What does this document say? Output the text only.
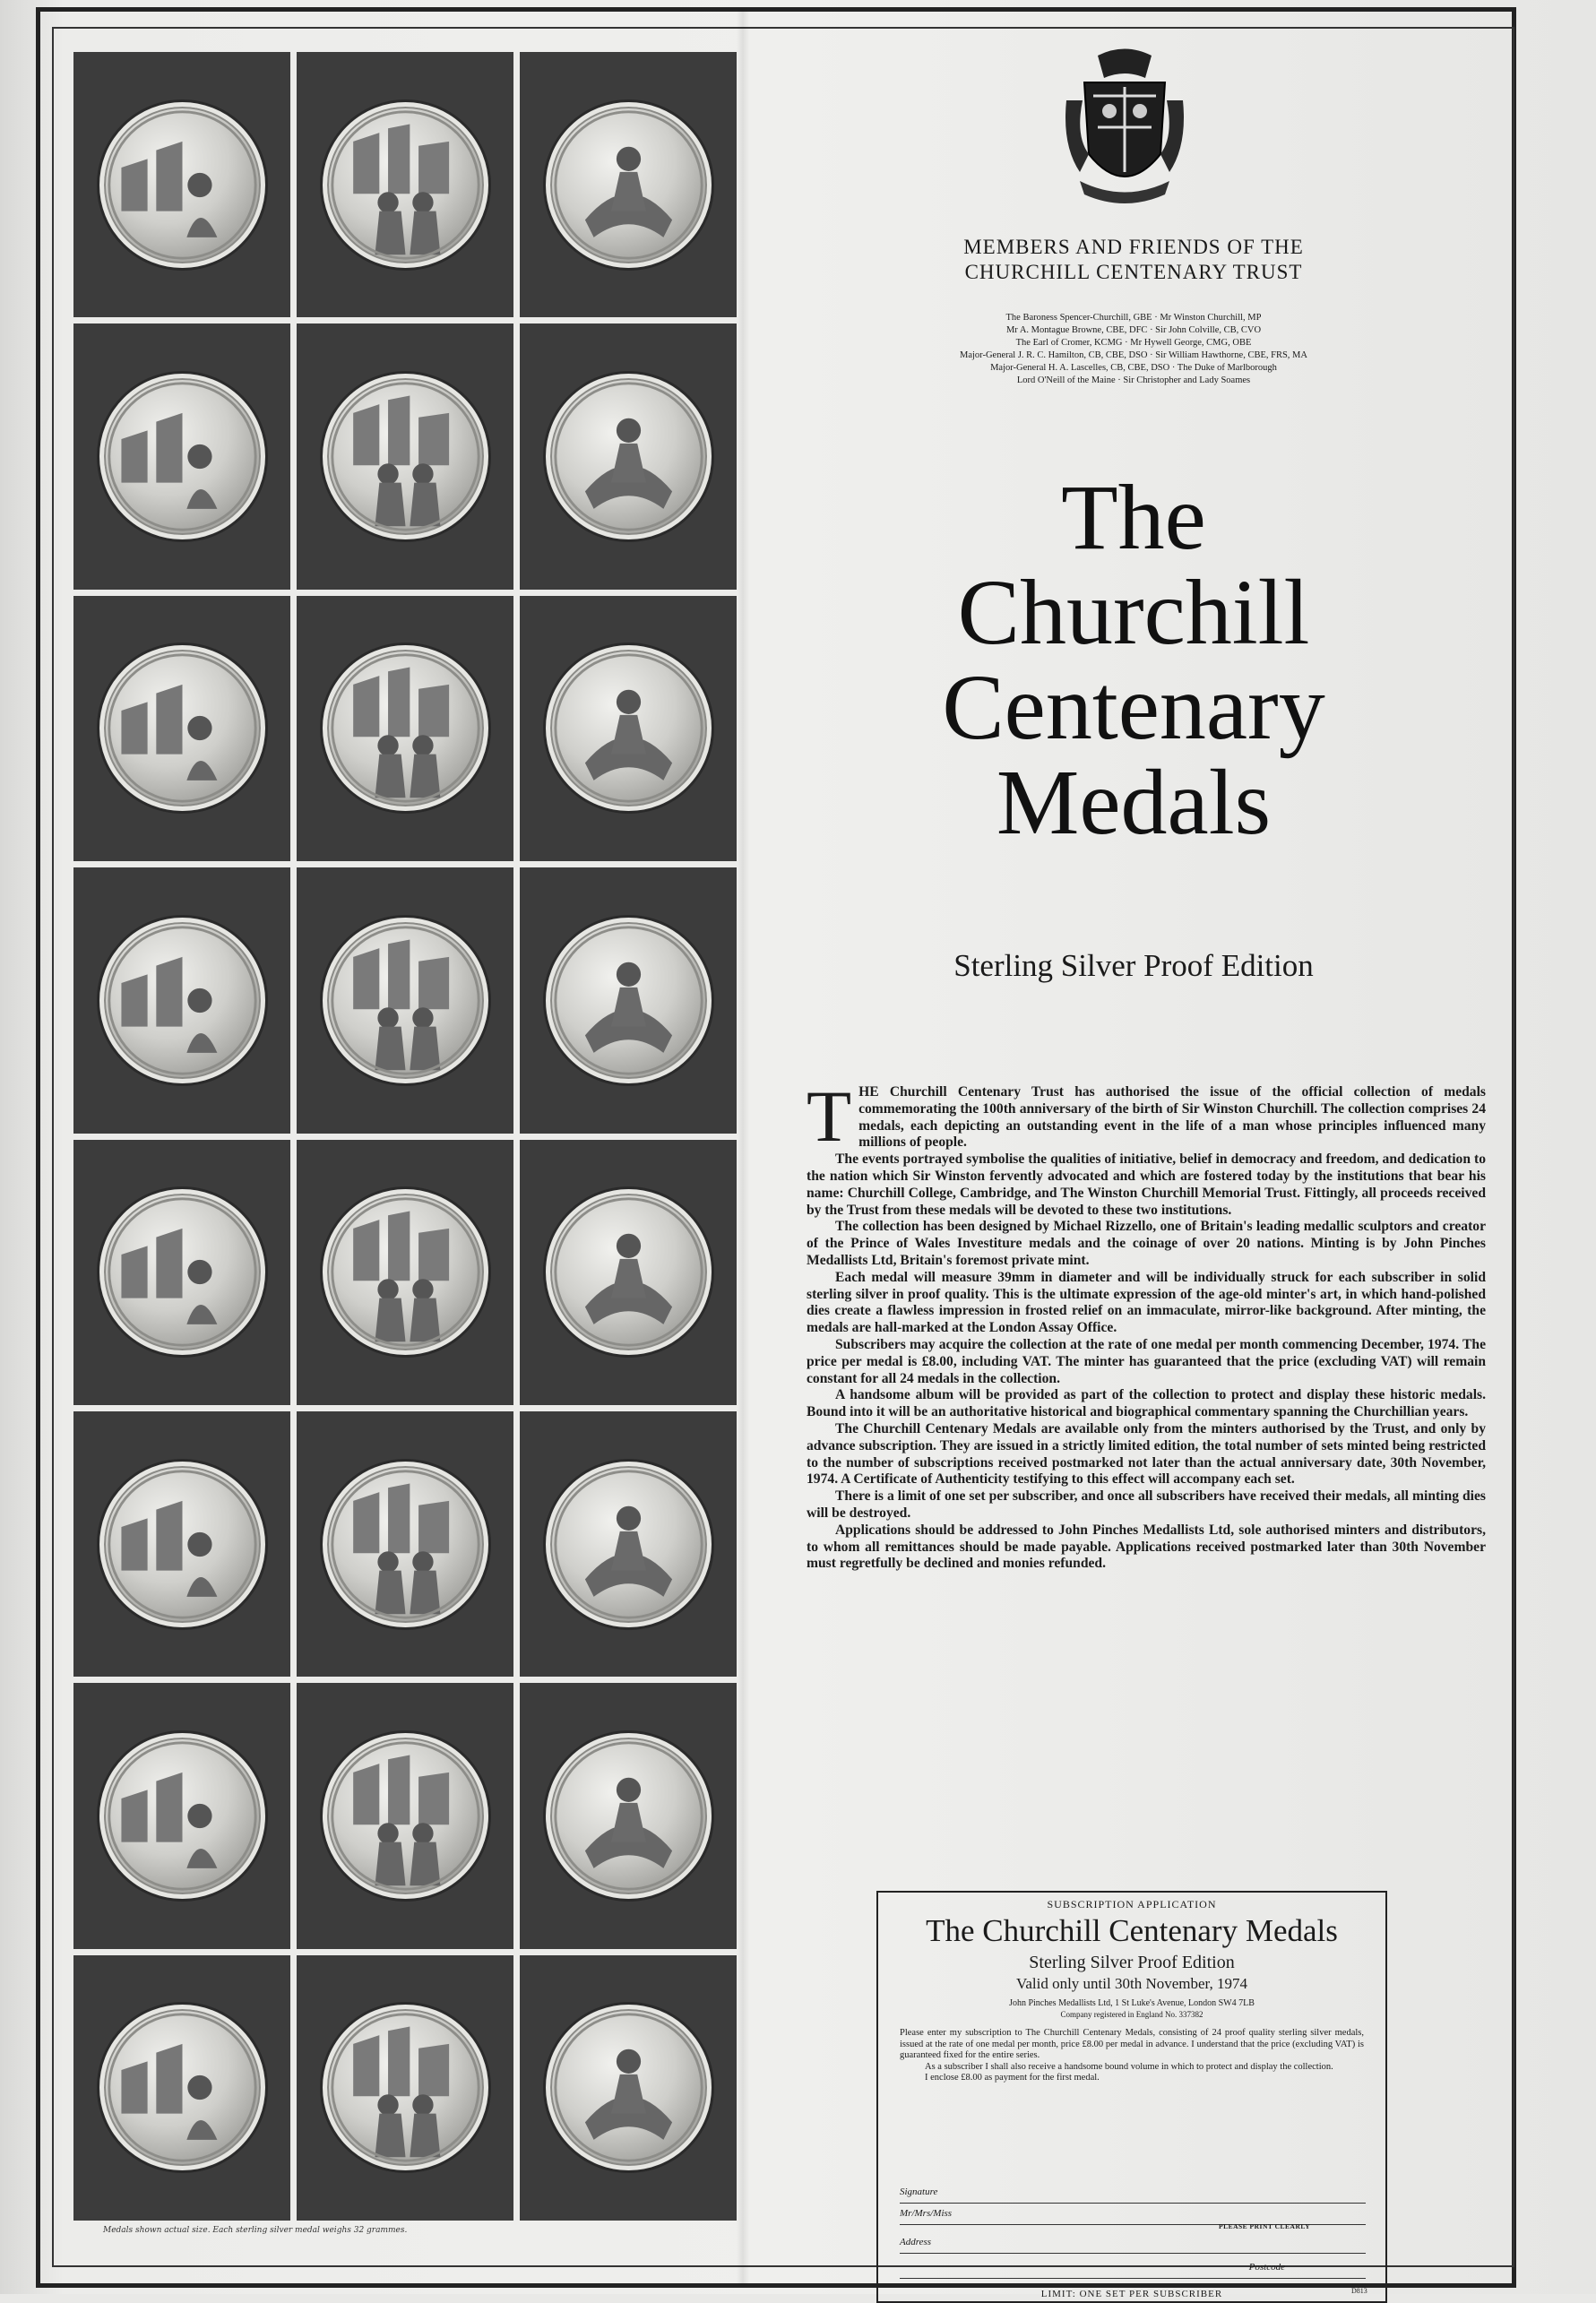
Medals shown actual size. Each sterling silver medal weighs 32 grammes.
MEMBERS AND FRIENDS OF THE
CHURCHILL CENTENARY TRUST
The Baroness Spencer-Churchill, GBE · Mr Winston Churchill, MP
Mr A. Montague Browne, CBE, DFC · Sir John Colville, CB, CVO
The Earl of Cromer, KCMG · Mr Hywell George, CMG, OBE
Major-General J. R. C. Hamilton, CB, CBE, DSO · Sir William Hawthorne, CBE, FRS, MA
Major-General H. A. Lascelles, CB, CBE, DSO · The Duke of Marlborough
Lord O'Neill of the Maine · Sir Christopher and Lady Soames
The
Churchill
Centenary
Medals
Sterling Silver Proof Edition

THE Churchill Centenary Trust has authorised the issue of the official collection of medals commemorating the 100th anniversary of the birth of Sir Winston Churchill. The collection comprises 24 medals, each depicting an outstanding event in the life of a man whose principles influenced many millions of people.

The events portrayed symbolise the qualities of initiative, belief in democracy and freedom, and dedication to the nation which Sir Winston fervently advocated and which are fostered today by the institutions that bear his name: Churchill College, Cambridge, and The Winston Churchill Memorial Trust. Fittingly, all proceeds received by the Trust from these medals will be devoted to these two institutions.

The collection has been designed by Michael Rizzello, one of Britain's leading medallic sculptors and creator of the Prince of Wales Investiture medals and the coinage of over 20 nations. Minting is by John Pinches Medallists Ltd, Britain's foremost private mint.

Each medal will measure 39mm in diameter and will be individually struck for each subscriber in solid sterling silver in proof quality. This is the ultimate expression of the age-old minter's art, in which hand-polished dies create a flawless impression in frosted relief on an immaculate, mirror-like background. After minting, the medals are hall-marked at the London Assay Office.

Subscribers may acquire the collection at the rate of one medal per month commencing December, 1974. The price per medal is £8.00, including VAT. The minter has guaranteed that the price (excluding VAT) will remain constant for all 24 medals in the collection.

A handsome album will be provided as part of the collection to protect and display these historic medals. Bound into it will be an authoritative historical and biographical commentary spanning the Churchillian years.

The Churchill Centenary Medals are available only from the minters authorised by the Trust, and only by advance subscription. They are issued in a strictly limited edition, the total number of sets minted being restricted to the number of subscriptions received postmarked not later than the actual anniversary date, 30th November, 1974. A Certificate of Authenticity testifying to this effect will accompany each set.

There is a limit of one set per subscriber, and once all subscribers have received their medals, all minting dies will be destroyed.

Applications should be addressed to John Pinches Medallists Ltd, sole authorised minters and distributors, to whom all remittances should be made payable. Applications received postmarked later than 30th November must regretfully be declined and monies refunded.

SUBSCRIPTION APPLICATION
The Churchill Centenary Medals
Sterling Silver Proof Edition
Valid only until 30th November, 1974
John Pinches Medallists Ltd, 1 St Luke's Avenue, London SW4 7LB
Company registered in England No. 337382

Please enter my subscription to The Churchill Centenary Medals, consisting of 24 proof quality sterling silver medals, issued at the rate of one medal per month, price £8.00 per medal in advance. I understand that the price (excluding VAT) is guaranteed fixed for the entire series.

As a subscriber I shall also receive a handsome bound volume in which to protect and display the collection.

I enclose £8.00 as payment for the first medal.

Signature
Mr/Mrs/Miss
PLEASE PRINT CLEARLY
Address
Postcode
LIMIT: ONE SET PER SUBSCRIBER	D813
